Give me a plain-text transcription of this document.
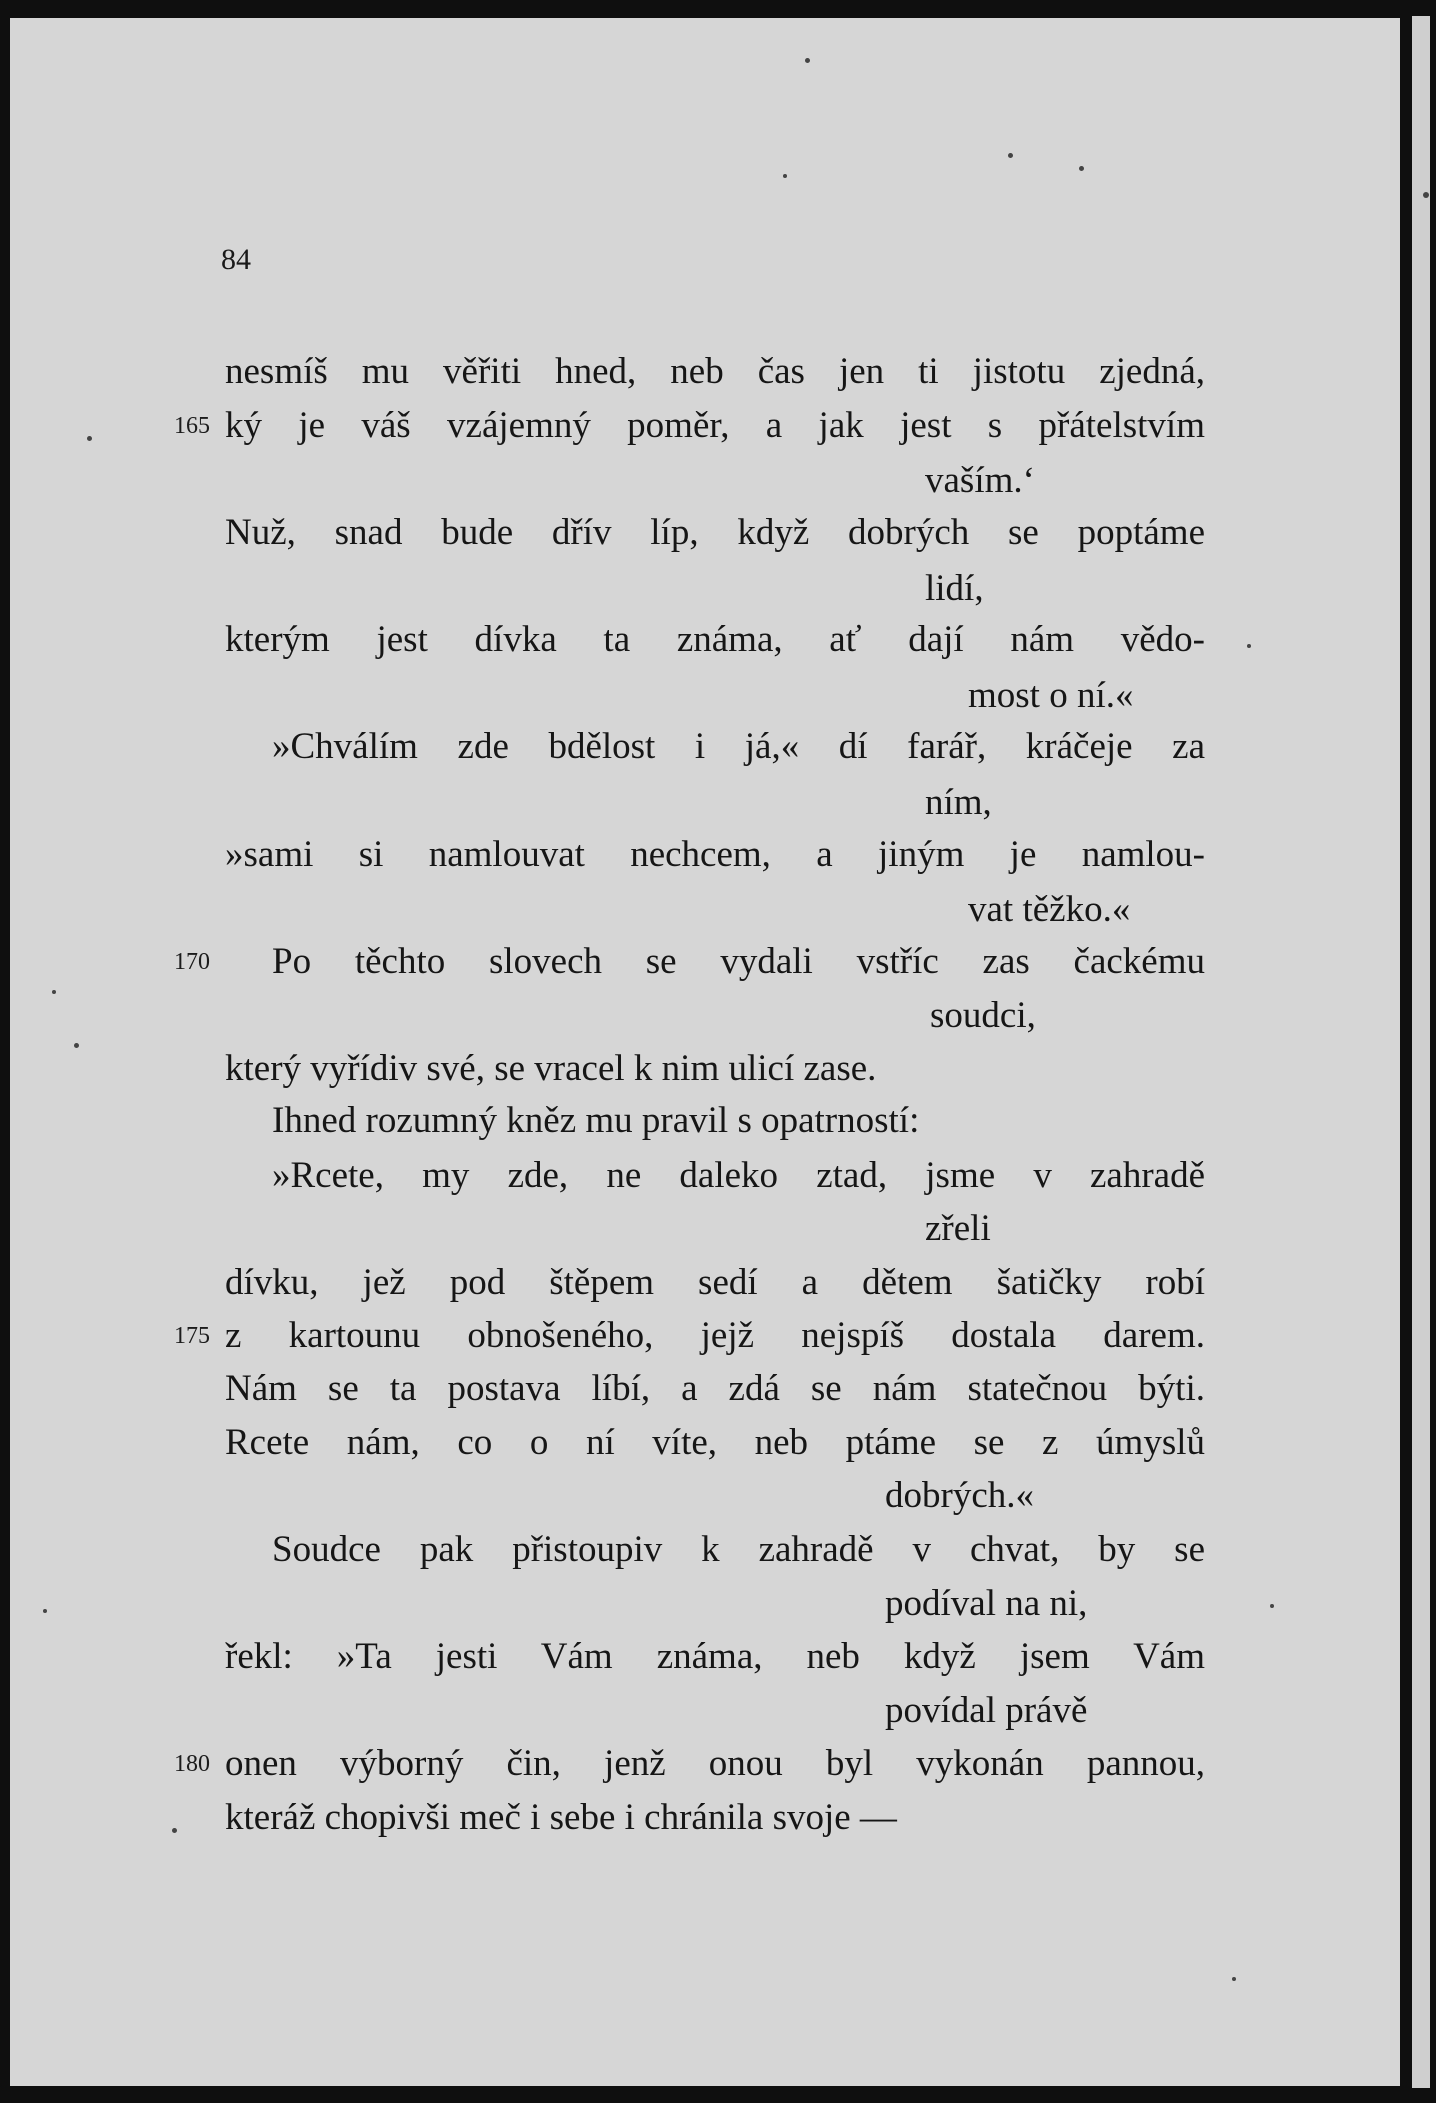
84
nesmíš mu věřiti hned, neb čas jen ti jistotu zjedná,
165 ký je váš vzájemný poměr, a jak jest s přátelstvím
vaším.‘
Nuž, snad bude dřív líp, když dobrých se poptáme
lidí,
kterým jest dívka ta známa, ať dají nám vědo-
most o ní.«
»Chválím zde bdělost i já,« dí farář, kráčeje za
ním,
»sami si namlouvat nechcem, a jiným je namlou-
vat těžko.«
170 Po těchto slovech se vydali vstříc zas čackému
soudci,
který vyřídiv své, se vracel k nim ulicí zase.
Ihned rozumný kněz mu pravil s opatrností:
»Rcete, my zde, ne daleko ztad, jsme v zahradě
zřeli
dívku, jež pod štěpem sedí a dětem šatičky robí
175 z kartounu obnošeného, jejž nejspíš dostala darem.
Nám se ta postava líbí, a zdá se nám statečnou býti.
Rcete nám, co o ní víte, neb ptáme se z úmyslů
dobrých.«
Soudce pak přistoupiv k zahradě v chvat, by se
podíval na ni,
řekl: »Ta jesti Vám známa, neb když jsem Vám
povídal právě
180 onen výborný čin, jenž onou byl vykonán pannou,
kteráž chopivši meč i sebe i chránila svoje —
